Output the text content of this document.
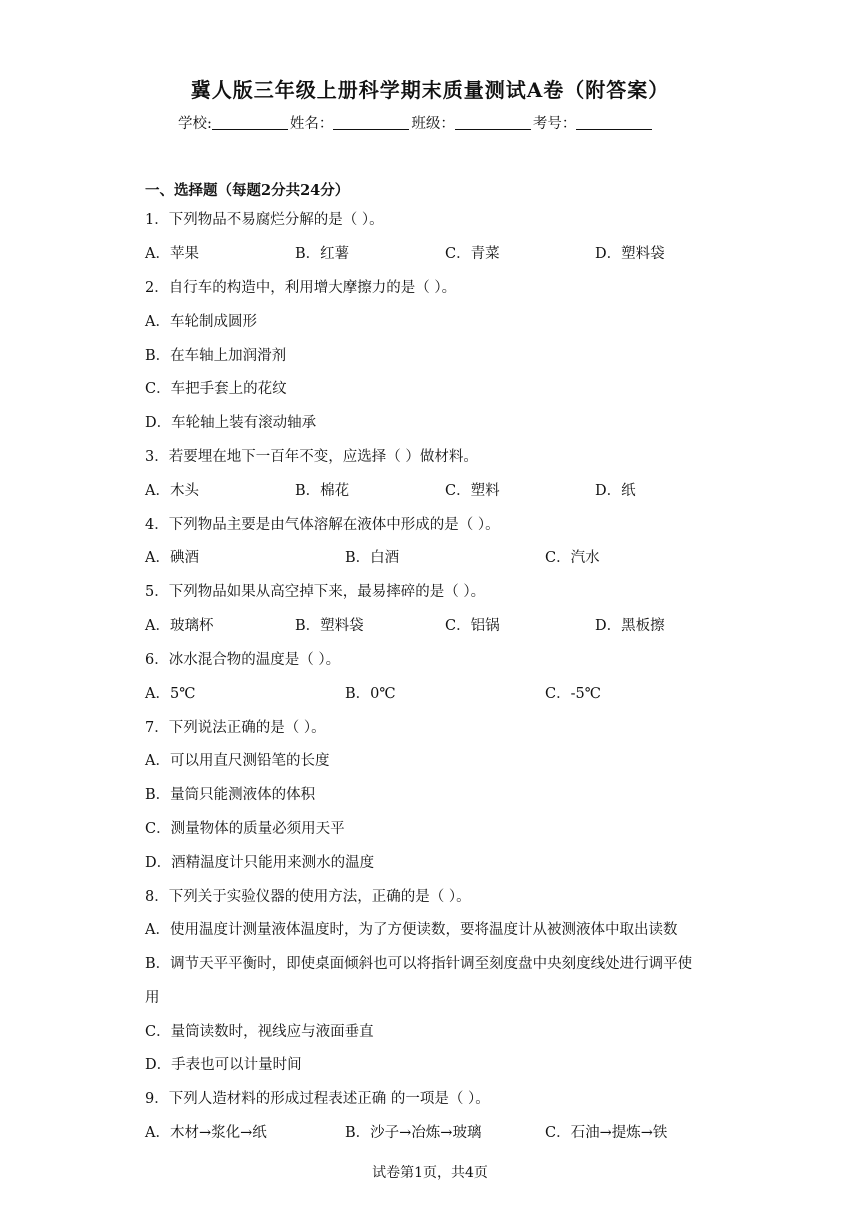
冀人版三年级上册科学期末质量测试A卷（附答案）
学校:	姓名：	班级：	考号：
一、选择题（每题2分共24分）
1．下列物品不易腐烂分解的是（ ）。
A．苹果	B．红薯	C．青菜	D．塑料袋
2．自行车的构造中，利用增大摩擦力的是（ ）。
A．车轮制成圆形
B．在车轴上加润滑剂
C．车把手套上的花纹
D．车轮轴上装有滚动轴承
3．若要埋在地下一百年不变，应选择（ ）做材料。
A．木头	B．棉花	C．塑料	D．纸
4．下列物品主要是由气体溶解在液体中形成的是（ ）。
A．碘酒	B．白酒	C．汽水
5．下列物品如果从高空掉下来，最易摔碎的是（ ）。
A．玻璃杯	B．塑料袋	C．铝锅	D．黑板擦
6．冰水混合物的温度是（ ）。
A．5℃	B．0℃	C．-5℃
7．下列说法正确的是（ ）。
A．可以用直尺测铅笔的长度
B．量筒只能测液体的体积
C．测量物体的质量必须用天平
D．酒精温度计只能用来测水的温度
8．下列关于实验仪器的使用方法，正确的是（ ）。
A．使用温度计测量液体温度时，为了方便读数，要将温度计从被测液体中取出读数
B．调节天平平衡时，即使桌面倾斜也可以将指针调至刻度盘中央刻度线处进行调平使
用
C．量筒读数时，视线应与液面垂直
D．手表也可以计量时间
9．下列人造材料的形成过程表述正确 的一项是（ ）。
A．木材→浆化→纸	B．沙子→冶炼→玻璃	C．石油→提炼→铁
试卷第1页，共4页
